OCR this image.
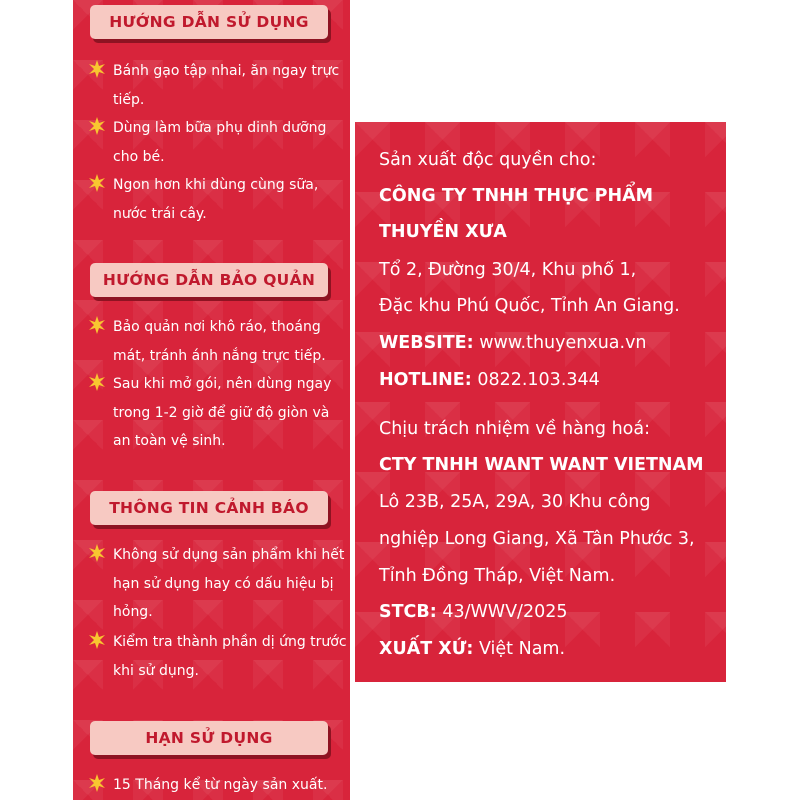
HƯỚNG DẪN SỬ DỤNG
Bánh gạo tập nhai, ăn ngay trực tiếp.
Dùng làm bữa phụ dinh dưỡng cho bé.
Ngon hơn khi dùng cùng sữa, nước trái cây.
HƯỚNG DẪN BẢO QUẢN
Bảo quản nơi khô ráo, thoáng mát, tránh ánh nắng trực tiếp.
Sau khi mở gói, nên dùng ngay trong 1-2 giờ để giữ độ giòn và an toàn vệ sinh.
THÔNG TIN CẢNH BÁO
Không sử dụng sản phẩm khi hết hạn sử dụng hay có dấu hiệu bị hỏng.
Kiểm tra thành phần dị ứng trước khi sử dụng.
HẠN SỬ DỤNG
15 Tháng kể từ ngày sản xuất.
Sản xuất độc quyền cho:
CÔNG TY TNHH THỰC PHẨM
THUYỀN XƯA
Tổ 2, Đường 30/4, Khu phố 1,
Đặc khu Phú Quốc, Tỉnh An Giang.
WEBSITE: www.thuyenxua.vn
HOTLINE: 0822.103.344
Chịu trách nhiệm về hàng hoá:
CTY TNHH WANT WANT VIETNAM
Lô 23B, 25A, 29A, 30 Khu công
nghiệp Long Giang, Xã Tân Phước 3,
Tỉnh Đồng Tháp, Việt Nam.
STCB: 43/WWV/2025
XUẤT XỨ: Việt Nam.
